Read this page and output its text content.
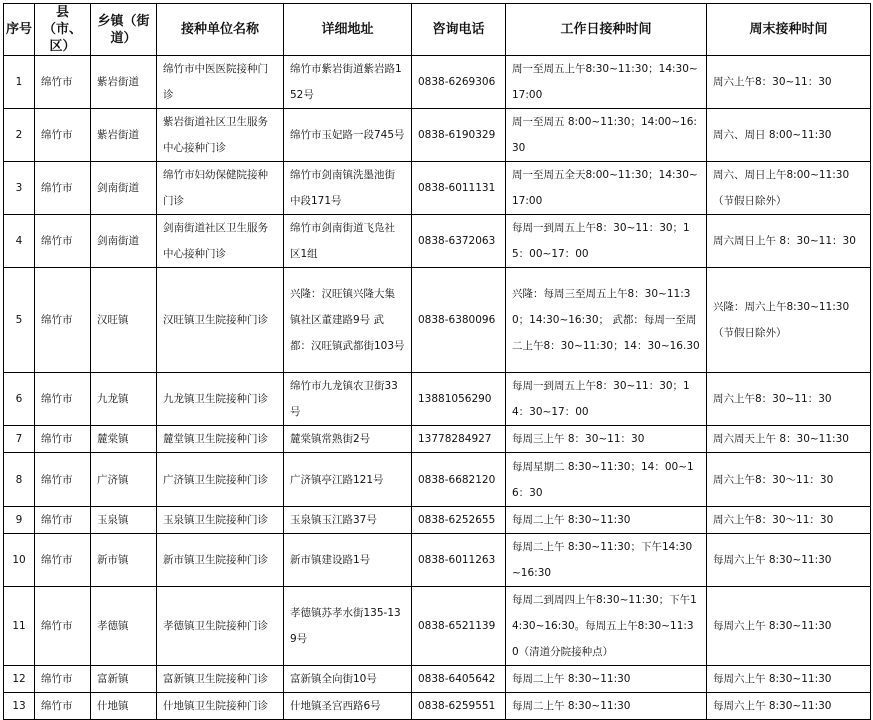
序号	县（市、区）	乡镇（街道）	接种单位名称	详细地址	咨询电话	工作日接种时间	周末接种时间
1	绵竹市	紫岩街道	绵竹市中医医院接种门诊	绵竹市紫岩街道紫岩路152号	0838-6269306	周一至周五上午8:30~11:30；14:30~17:00	周六上午8：30~11：30
2	绵竹市	紫岩街道	紫岩街道社区卫生服务中心接种门诊	绵竹市玉妃路一段745号	0838-6190329	周一至周五 8:00~11:30；14:00~16:30	周六、周日 8:00~11:30
3	绵竹市	剑南街道	绵竹市妇幼保健院接种门诊	绵竹市剑南镇洗墨池街中段171号	0838-6011131	周一至周五全天8:00~11:30；14:30~17:00	周六、周日上午8:00~11:30（节假日除外）
4	绵竹市	剑南街道	剑南街道社区卫生服务中心接种门诊	绵竹市剑南街道飞凫社区1组	0838-6372063	每周一到周五上午8：30~11：30；15：00~17：00	周六周日上午 8：30~11：30
5	绵竹市	汉旺镇	汉旺镇卫生院接种门诊	兴隆：汉旺镇兴隆大集镇社区董建路9号 武都：汉旺镇武都街103号	0838-6380096	兴隆：每周三至周五上午8：30~11:30；14:30~16:30； 武都：每周一至周二上午8：30~11:30；14：30~16.30	兴隆：周六上午8:30~11:30（节假日除外）
6	绵竹市	九龙镇	九龙镇卫生院接种门诊	绵竹市九龙镇农卫街33号	13881056290	每周一到周五上午8：30~11：30；14：30~17：00	周六上午8：30~11：30
7	绵竹市	麓棠镇	麓堂镇卫生院接种门诊	麓棠镇常熟街2号	13778284927	每周三上午 8：30~11：30	周六周天上午 8：30~11:30
8	绵竹市	广济镇	广济镇卫生院接种门诊	广济镇亭江路121号	0838-6682120	每周星期二 8:30~11:30；14：00~16：30	周六上午8：30～11：30
9	绵竹市	玉泉镇	玉泉镇卫生院接种门诊	玉泉镇玉江路37号	0838-6252655	每周二上午 8:30~11:30	周六上午8：30～11：30
10	绵竹市	新市镇	新市镇卫生院接种门诊	新市镇建设路1号	0838-6011263	每周二上午 8:30~11:30；下午14:30~16:30	每周六上午 8:30~11:30
11	绵竹市	孝德镇	孝德镇卫生院接种门诊	孝德镇苏孝水街135-139号	0838-6521139	每周二到周四上午8:30~11:30；下午14:30~16:30。每周五上午8:30~11:30（清道分院接种点）	每周六上午 8:30~11:30
12	绵竹市	富新镇	富新镇卫生院接种门诊	富新镇全向街10号	0838-6405642	每周二上午 8:30~11:30	每周六上午 8:30~11:30
13	绵竹市	什地镇	什地镇卫生院接种门诊	什地镇圣宫西路6号	0838-6259551	每周二上午 8:30~11:30	每周六上午 8:30~11:30
